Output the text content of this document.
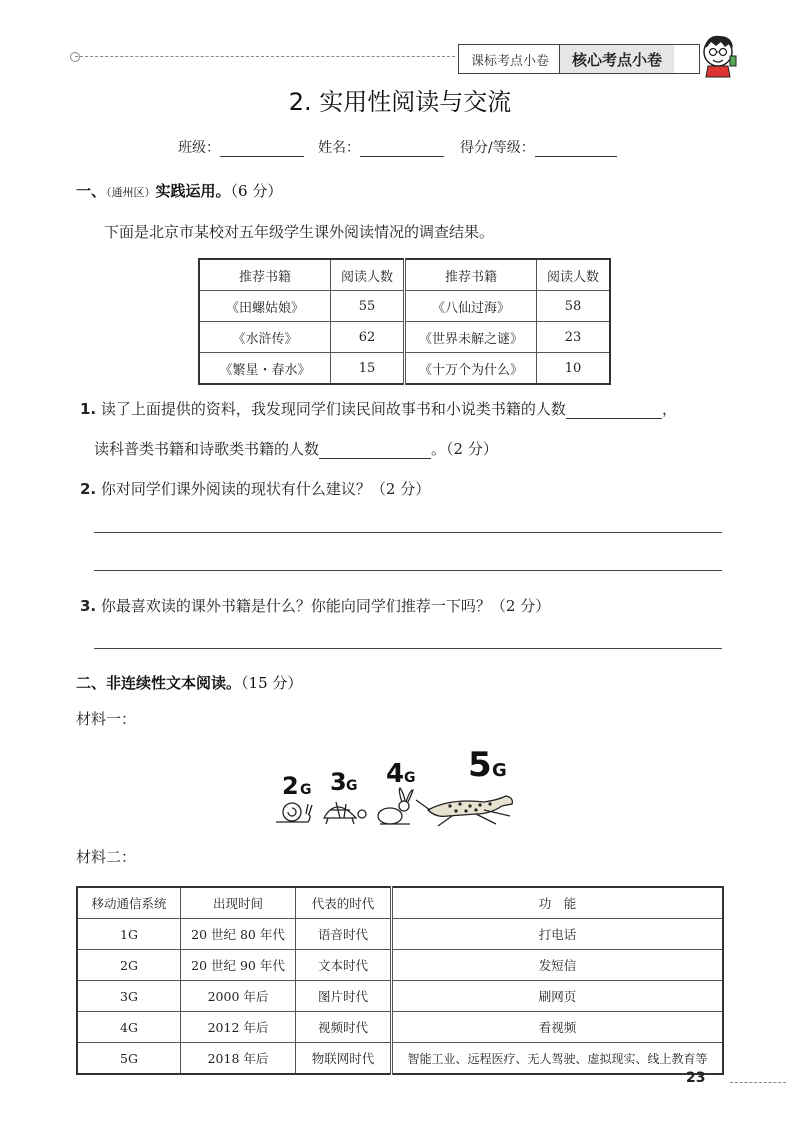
课标考点小卷	核心考点小卷
2. 实用性阅读与交流
班级：	姓名：	得分/等级：
一、（通州区）实践运用。（6 分）
下面是北京市某校对五年级学生课外阅读情况的调查结果。
推荐书籍	阅读人数	推荐书籍	阅读人数
《田螺姑娘》	55	《八仙过海》	58
《水浒传》	62	《世界未解之谜》	23
《繁星・春水》	15	《十万个为什么》	10
1. 读了上面提供的资料，我发现同学们读民间故事书和小说类书籍的人数	，
读科普类书籍和诗歌类书籍的人数	。（2 分）
2. 你对同学们课外阅读的现状有什么建议？（2 分）
3. 你最喜欢读的课外书籍是什么？你能向同学们推荐一下吗？（2 分）
二、非连续性文本阅读。（15 分）
材料一：
2 G 3 G 4 G 5 G
材料二：
移动通信系统	出现时间	代表的时代	功　能
1G	20 世纪 80 年代	语音时代	打电话
2G	20 世纪 90 年代	文本时代	发短信
3G	2000 年后	图片时代	刷网页
4G	2012 年后	视频时代	看视频
5G	2018 年后	物联网时代	智能工业、远程医疗、无人驾驶、虚拟现实、线上教育等
23
